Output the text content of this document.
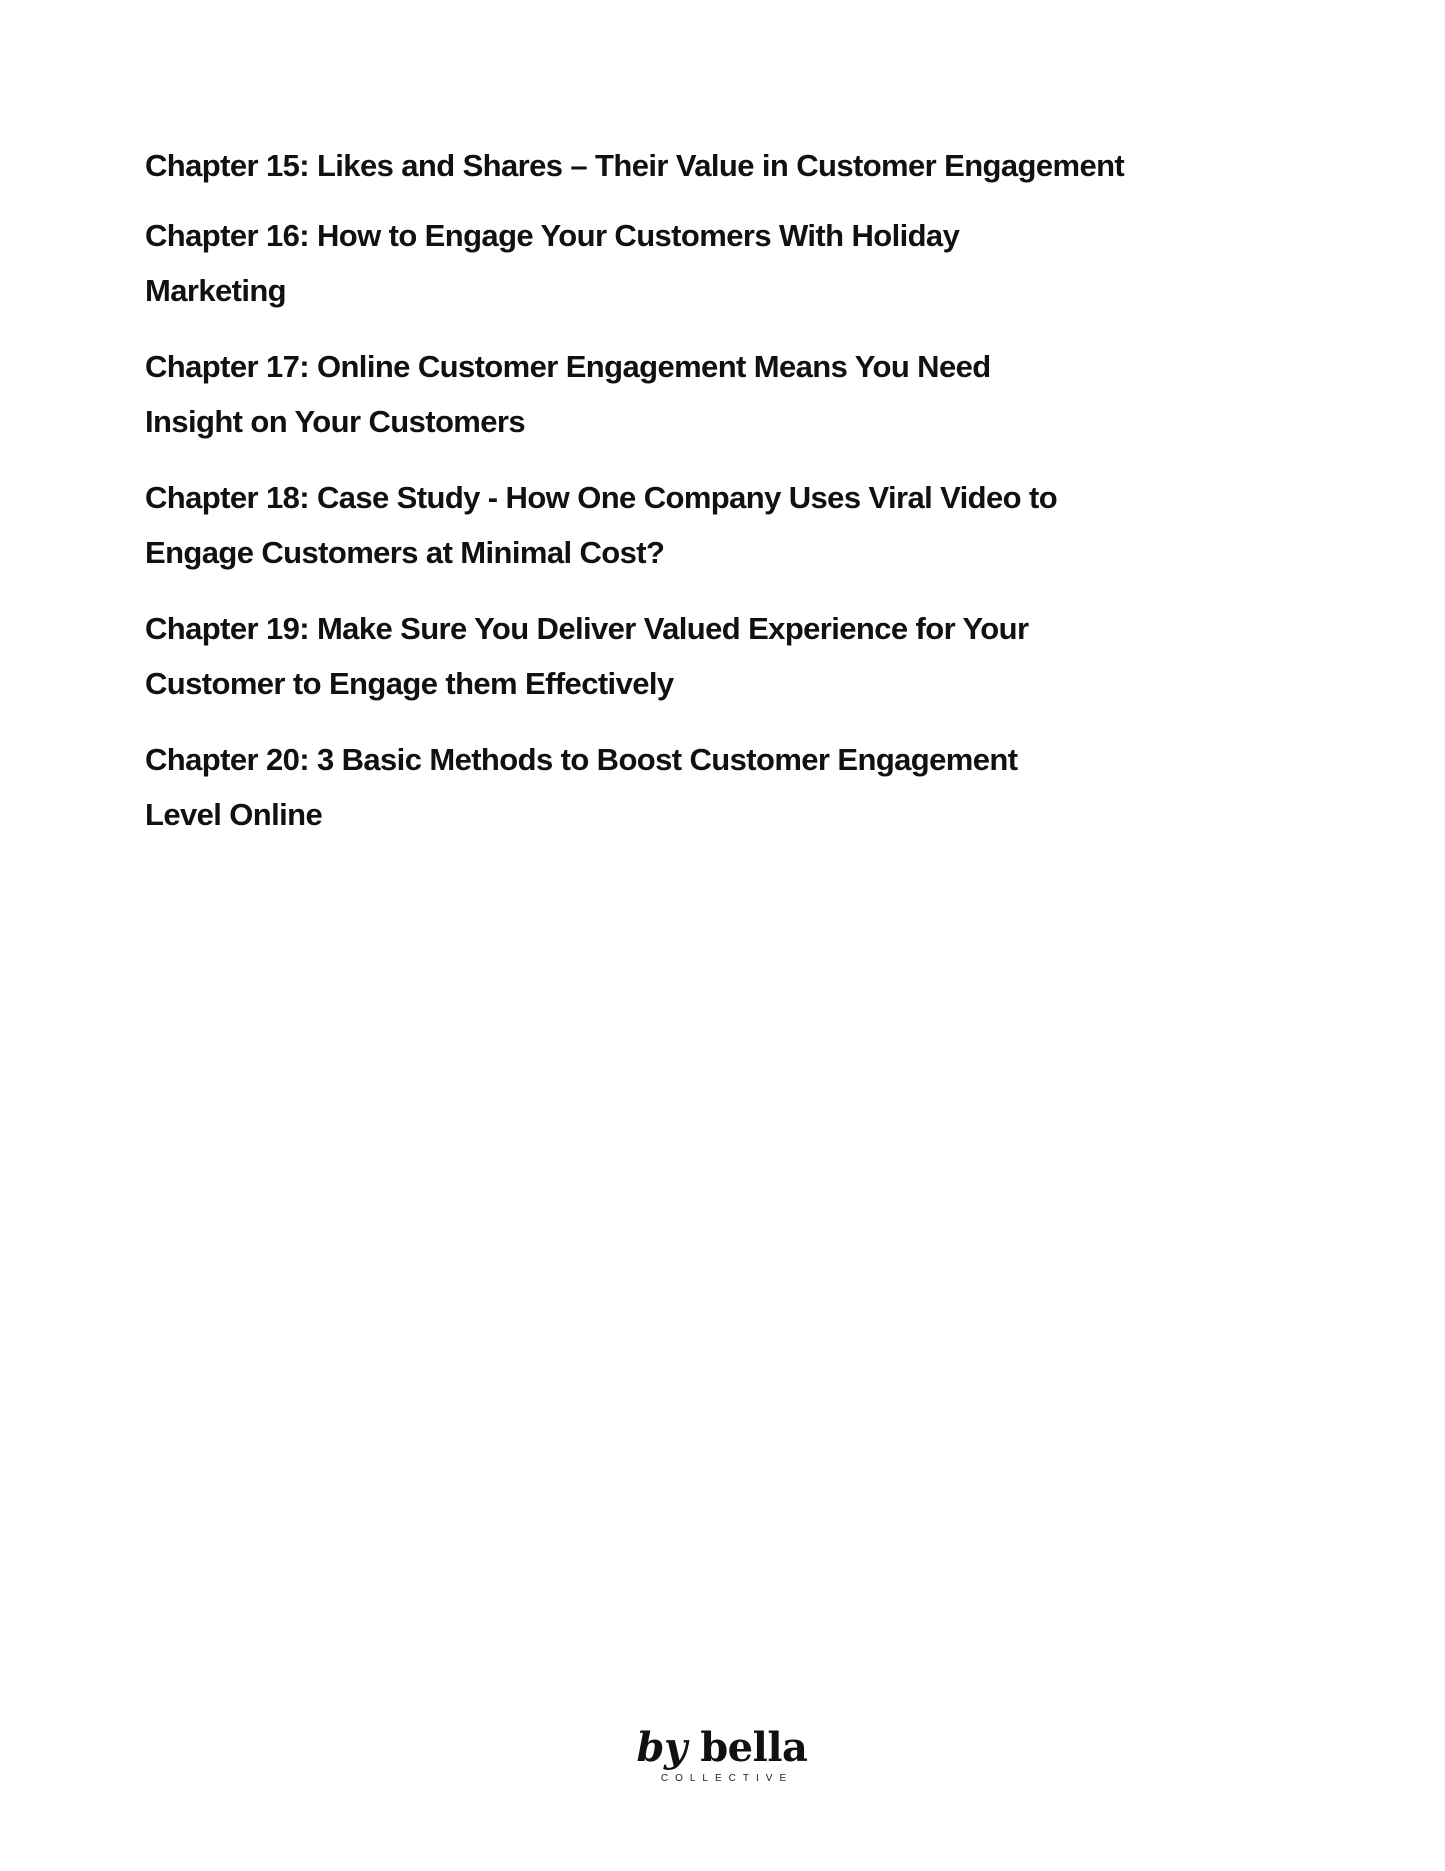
Chapter 15: Likes and Shares – Their Value in Customer Engagement
Chapter 16: How to Engage Your Customers With Holiday
Marketing
Chapter 17: Online Customer Engagement Means You Need
Insight on Your Customers
Chapter 18: Case Study - How One Company Uses Viral Video to
Engage Customers at Minimal Cost?
Chapter 19: Make Sure You Deliver Valued Experience for Your
Customer to Engage them Effectively
Chapter 20: 3 Basic Methods to Boost Customer Engagement
Level Online
by bella
COLLECTIVE
